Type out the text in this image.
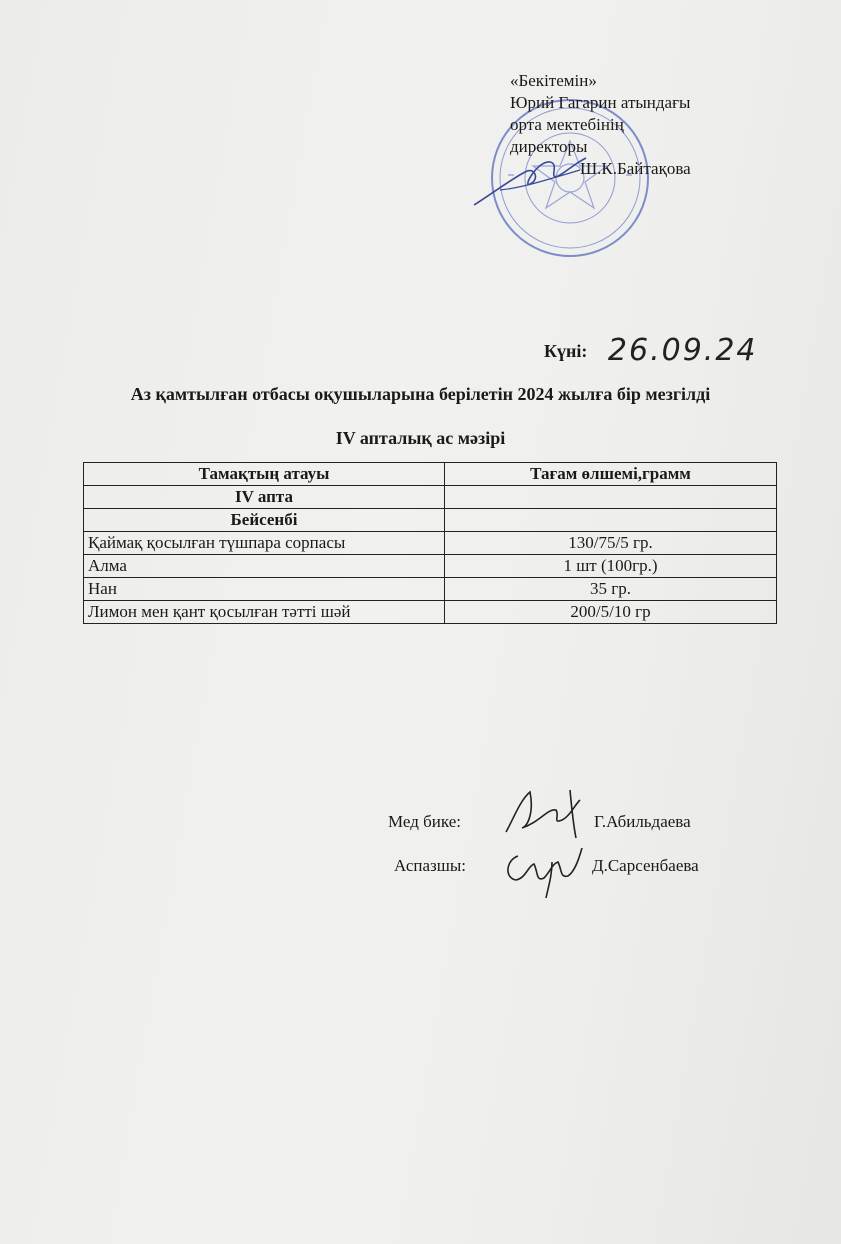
«Бекітемін»
Юрий Гагарин атындағы
орта мектебінің
директоры
Ш.К.Байтақова
Күні: 26.09.24
Аз қамтылған отбасы оқушыларына берілетін 2024 жылға бір мезгілді
IV апталық ас мәзірі
Тамақтың атауы	Тағам өлшемі,грамм
IV апта	
Бейсенбі	
Қаймақ қосылған түшпара сорпасы	130/75/5 гр.
Алма	1 шт (100гр.)
Нан	35 гр.
Лимон мен қант қосылған тәтті шәй	200/5/10 гр
Мед бике:	Г.Абильдаева
Аспазшы:	Д.Сарсенбаева
